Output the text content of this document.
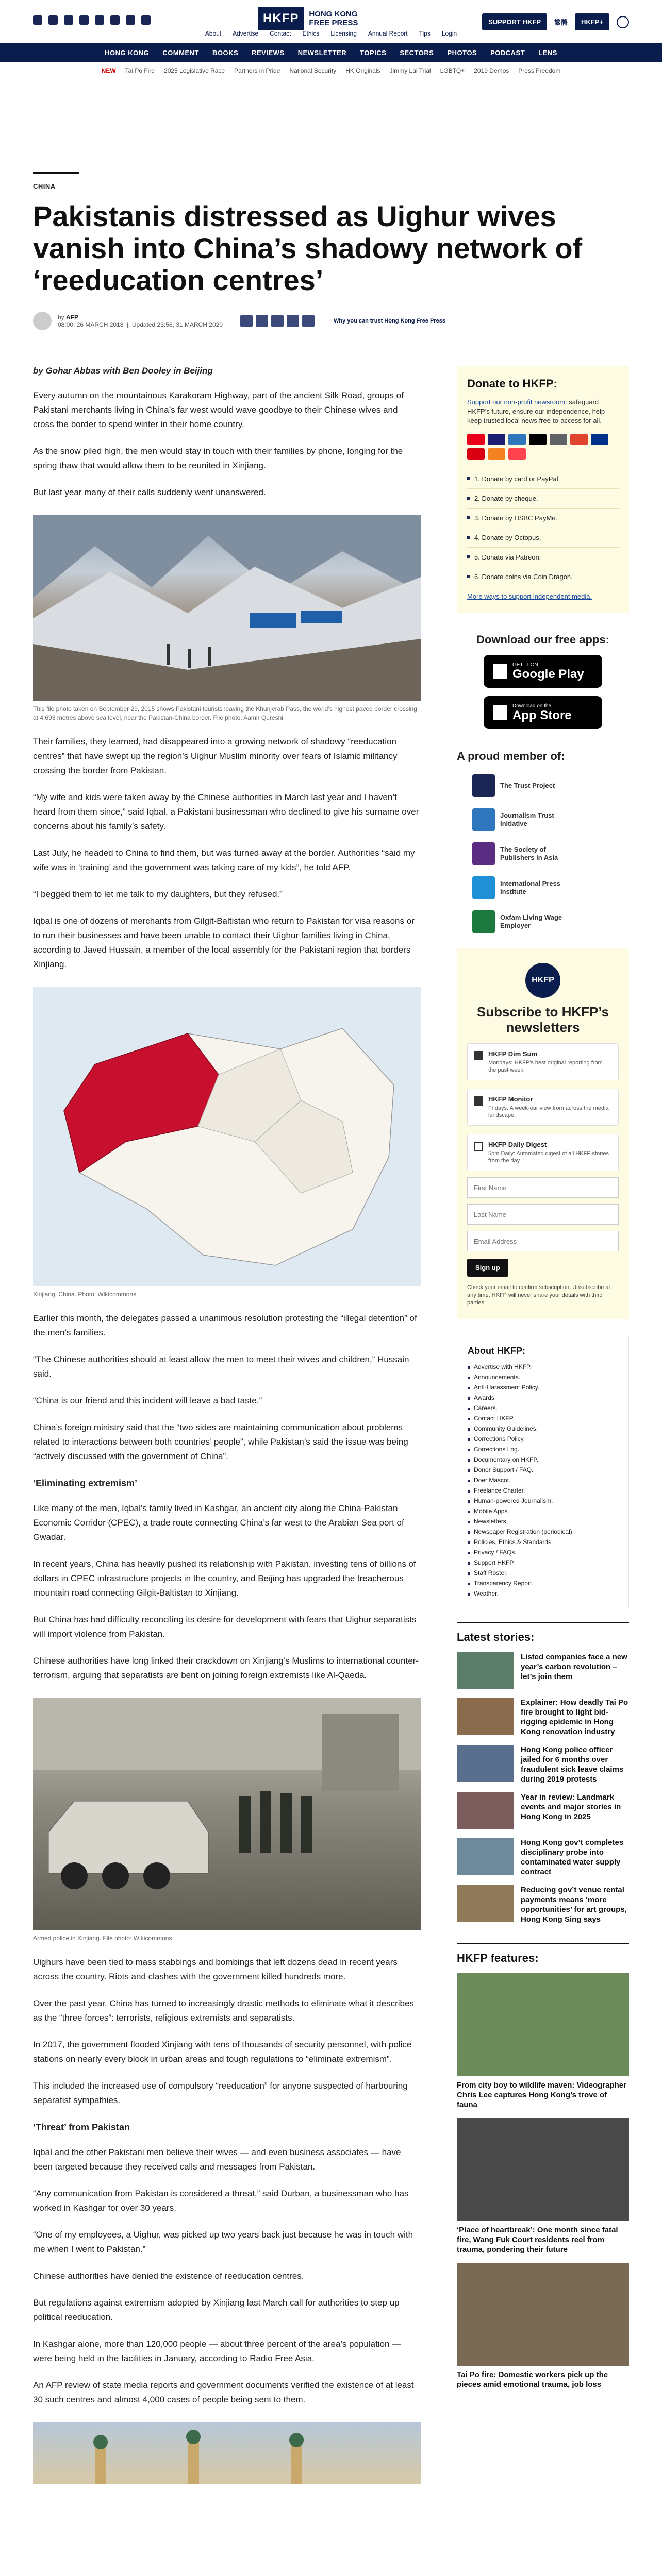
HKFP	HONG KONG
FREE PRESS	SUPPORT HKFP	繁體	HKFP+
About Advertise Contact Ethics Licensing Annual Report Tips Login
HONG KONG COMMENT BOOKS REVIEWS NEWSLETTER TOPICS SECTORS PHOTOS PODCAST LENS
NEW Tai Po Fire 2025 Legislative Race Partners in Pride National Security HK Originals Jimmy Lai Trial LGBTQ+ 2019 Demos Press Freedom
CHINA
Pakistanis distressed as Uighur wives vanish into China’s shadowy network of ‘reeducation centres’
by AFP
08:00, 26 MARCH 2018  |  Updated 23:56, 31 MARCH 2020	Why you can trust Hong Kong Free Press
by Gohar Abbas with Ben Dooley in Beijing

Every autumn on the mountainous Karakoram Highway, part of the ancient Silk Road, groups of Pakistani merchants living in China’s far west would wave goodbye to their Chinese wives and cross the border to spend winter in their home country.

As the snow piled high, the men would stay in touch with their families by phone, longing for the spring thaw that would allow them to be reunited in Xinjiang.

But last year many of their calls suddenly went unanswered.

This file photo taken on September 29, 2015 shows Pakistani tourists leaving the Khunjerab Pass, the world’s highest paved border crossing at 4,693 metres above sea level, near the Pakistan-China border. File photo: Aamir Qureshi.

Their families, they learned, had disappeared into a growing network of shadowy “reeducation centres” that have swept up the region’s Uighur Muslim minority over fears of Islamic militancy crossing the border from Pakistan.

“My wife and kids were taken away by the Chinese authorities in March last year and I haven’t heard from them since,” said Iqbal, a Pakistani businessman who declined to give his surname over concerns about his family’s safety.

Last July, he headed to China to find them, but was turned away at the border. Authorities “said my wife was in ‘training’ and the government was taking care of my kids”, he told AFP.

“I begged them to let me talk to my daughters, but they refused.”

Iqbal is one of dozens of merchants from Gilgit-Baltistan who return to Pakistan for visa reasons or to run their businesses and have been unable to contact their Uighur families living in China, according to Javed Hussain, a member of the local assembly for the Pakistani region that borders Xinjiang.

Xinjiang, China. Photo: Wikicommons.

Earlier this month, the delegates passed a unanimous resolution protesting the “illegal detention” of the men’s families.

“The Chinese authorities should at least allow the men to meet their wives and children,” Hussain said.

“China is our friend and this incident will leave a bad taste.”

China’s foreign ministry said that the “two sides are maintaining communication about problems related to interactions between both countries’ people”, while Pakistan’s said the issue was being “actively discussed with the government of China”.

‘Eliminating extremism’

Like many of the men, Iqbal’s family lived in Kashgar, an ancient city along the China-Pakistan Economic Corridor (CPEC), a trade route connecting China’s far west to the Arabian Sea port of Gwadar.

In recent years, China has heavily pushed its relationship with Pakistan, investing tens of billions of dollars in CPEC infrastructure projects in the country, and Beijing has upgraded the treacherous mountain road connecting Gilgit-Baltistan to Xinjiang.

But China has had difficulty reconciling its desire for development with fears that Uighur separatists will import violence from Pakistan.

Chinese authorities have long linked their crackdown on Xinjiang’s Muslims to international counter-terrorism, arguing that separatists are bent on joining foreign extremists like Al-Qaeda.

Armed police in Xinjiang. File photo: Wikicommons.

Uighurs have been tied to mass stabbings and bombings that left dozens dead in recent years across the country. Riots and clashes with the government killed hundreds more.

Over the past year, China has turned to increasingly drastic methods to eliminate what it describes as the “three forces”: terrorists, religious extremists and separatists.

In 2017, the government flooded Xinjiang with tens of thousands of security personnel, with police stations on nearly every block in urban areas and tough regulations to “eliminate extremism”.

This included the increased use of compulsory “reeducation” for anyone suspected of harbouring separatist sympathies.

‘Threat’ from Pakistan

Iqbal and the other Pakistani men believe their wives — and even business associates — have been targeted because they received calls and messages from Pakistan.

“Any communication from Pakistan is considered a threat,” said Durban, a businessman who has worked in Kashgar for over 30 years.

“One of my employees, a Uighur, was picked up two years back just because he was in touch with me when I went to Pakistan.”

Chinese authorities have denied the existence of reeducation centres.

But regulations against extremism adopted by Xinjiang last March call for authorities to step up political reeducation.

In Kashgar alone, more than 120,000 people — about three percent of the area’s population — were being held in the facilities in January, according to Radio Free Asia.

An AFP review of state media reports and government documents verified the existence of at least 30 such centres and almost 4,000 cases of people being sent to them.

Donate to HKFP:
Support our non-profit newsroom: safeguard HKFP’s future, ensure our independence, help keep trusted local news free-to-access for all.
1. Donate by card or PayPal.
2. Donate by cheque.
3. Donate by HSBC PayMe.
4. Donate by Octopus.
5. Donate via Patreon.
6. Donate coins via Coin Dragon.
More ways to support independent media.
Download our free apps:
GET IT ON
Google Play
Download on the
App Store
A proud member of:
The Trust Project
Journalism Trust Initiative
The Society of Publishers in Asia
International Press Institute
Oxfam Living Wage Employer
HKFP
Subscribe to HKFP’s newsletters
HKFP Dim Sum
Mondays: HKFP’s best original reporting from the past week.
HKFP Monitor
Fridays: A week-ear view from across the media landscape.
HKFP Daily Digest
5pm Daily: Automated digest of all HKFP stories from the day.
First Name Last Name Email Address Sign up
Check your email to confirm subscription. Unsubscribe at any time. HKFP will never share your details with third parties.
About HKFP:
Advertise with HKFP.
Announcements.
Anti-Harassment Policy.
Awards.
Careers.
Contact HKFP.
Community Guidelines.
Corrections Policy.
Corrections Log.
Documentary on HKFP.
Donor Support / FAQ.
Doer Mascot.
Freelance Charter.
Human-powered Journalism.
Mobile Apps.
Newsletters.
Newspaper Registration (periodical).
Policies, Ethics & Standards.
Privacy / FAQs.
Support HKFP.
Staff Roster.
Transparency Report.
Weather.
Latest stories:
Listed companies face a new year’s carbon revolution – let’s join them
Explainer: How deadly Tai Po fire brought to light bid-rigging epidemic in Hong Kong renovation industry
Hong Kong police officer jailed for 6 months over fraudulent sick leave claims during 2019 protests
Year in review: Landmark events and major stories in Hong Kong in 2025
Hong Kong gov’t completes disciplinary probe into contaminated water supply contract
Reducing gov’t venue rental payments means ‘more opportunities’ for art groups, Hong Kong Sing says
HKFP features:
From city boy to wildlife maven: Videographer Chris Lee captures Hong Kong’s trove of fauna
‘Place of heartbreak’: One month since fatal fire, Wang Fuk Court residents reel from trauma, pondering their future
Tai Po fire: Domestic workers pick up the pieces amid emotional trauma, job loss
